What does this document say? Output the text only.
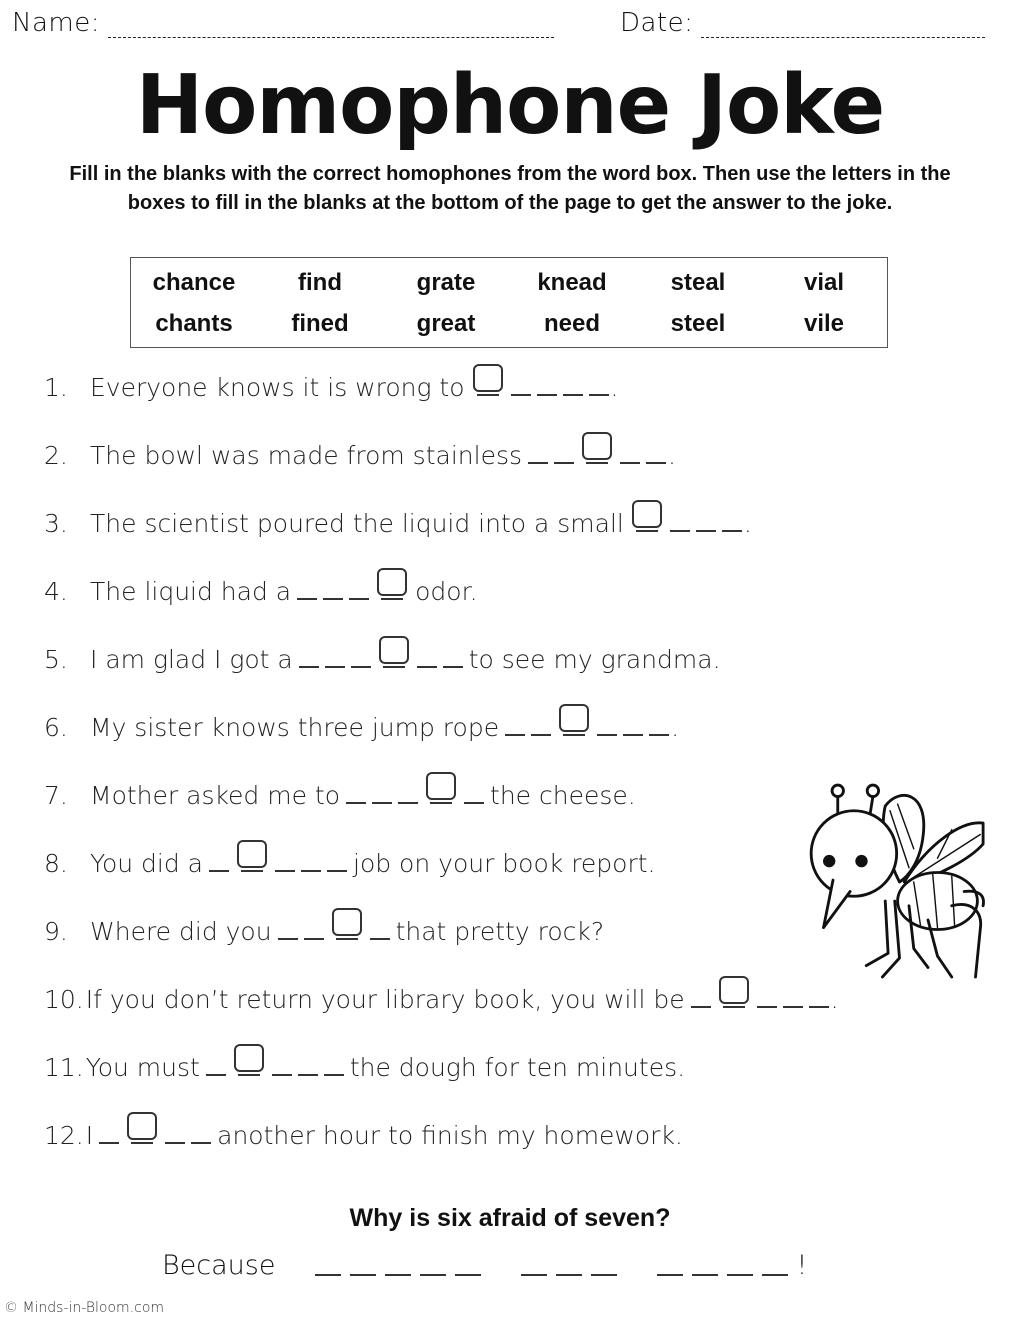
Name:	Date:
Homophone Joke
Fill in the blanks with the correct homophones from the word box. Then use the letters in the boxes to fill in the blanks at the bottom of the page to get the answer to the joke.
chance	find	grate	knead	steal	vial
chants	fined	great	need	steel	vile
1. Everyone knows it is wrong to	.
2. The bowl was made from stainless	.
3. The scientist poured the liquid into a small	.
4. The liquid had a	odor.
5. I am glad I got a	to see my grandma.
6. My sister knows three jump rope	.
7. Mother asked me to	the cheese.
8. You did a	job on your book report.
9. Where did you	that pretty rock?
10. If you don’t return your library book, you will be	.
11. You must	the dough for ten minutes.
12. I	another hour to finish my homework.
Why is six afraid of seven?
Because	!
© Minds-in-Bloom.com
